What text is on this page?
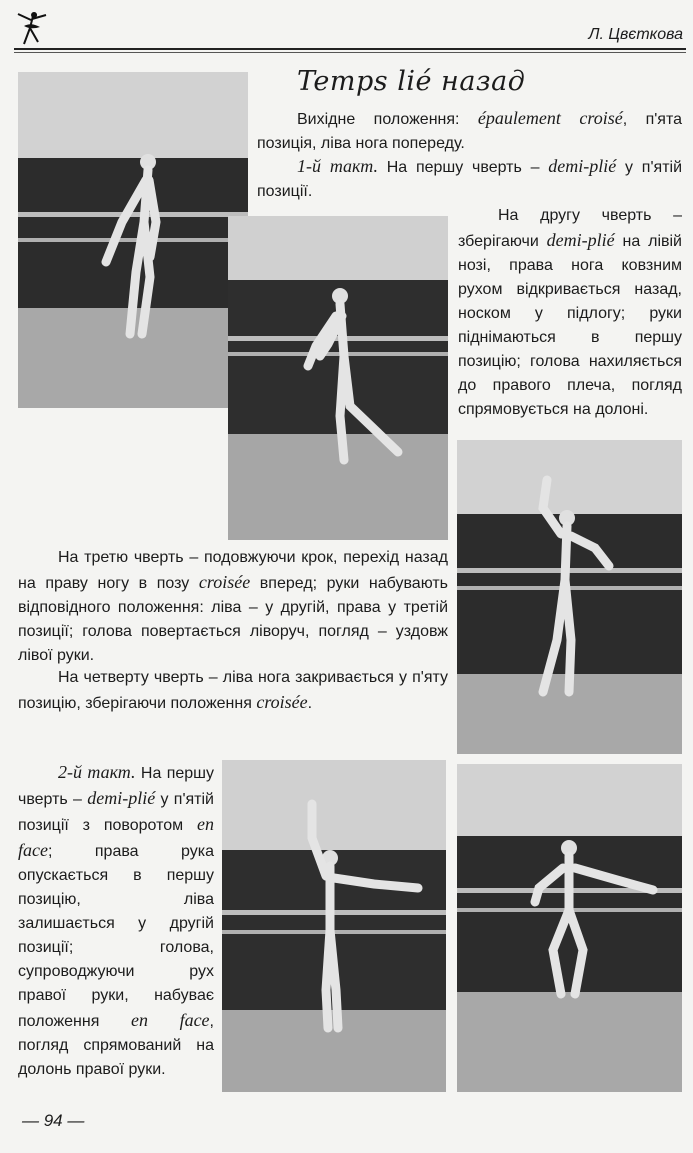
Л. Цвєткова
Temps lié назад
Вихідне положення: épaulement croisé, п'ята позиція, ліва нога попереду.
1-й такт. На першу чверть – demi-plié у п'ятій позиції.
На другу чверть – зберігаючи demi-plié на лівій нозі, права нога ковзним рухом відкривається назад, носком у підлогу; руки піднімаються в першу позицію; голова нахиляється до правого плеча, погляд спрямовується на долоні.
На третю чверть – подовжуючи крок, перехід назад на праву ногу в позу croisée вперед; руки набувають відповідного положення: ліва – у другій, права у третій позиції; голова повертається ліворуч, погляд – уздовж лівої руки.
На четверту чверть – ліва нога закривається у п'яту позицію, зберігаючи положення croisée.
2-й такт. На першу чверть – demi-plié у п'ятій позиції з поворотом en face; права рука опускається в першу позицію, ліва залишається у другій позиції; голова, супроводжуючи рух правої руки, набуває положення en face, погляд спрямований на долонь правої руки.
— 94 —
